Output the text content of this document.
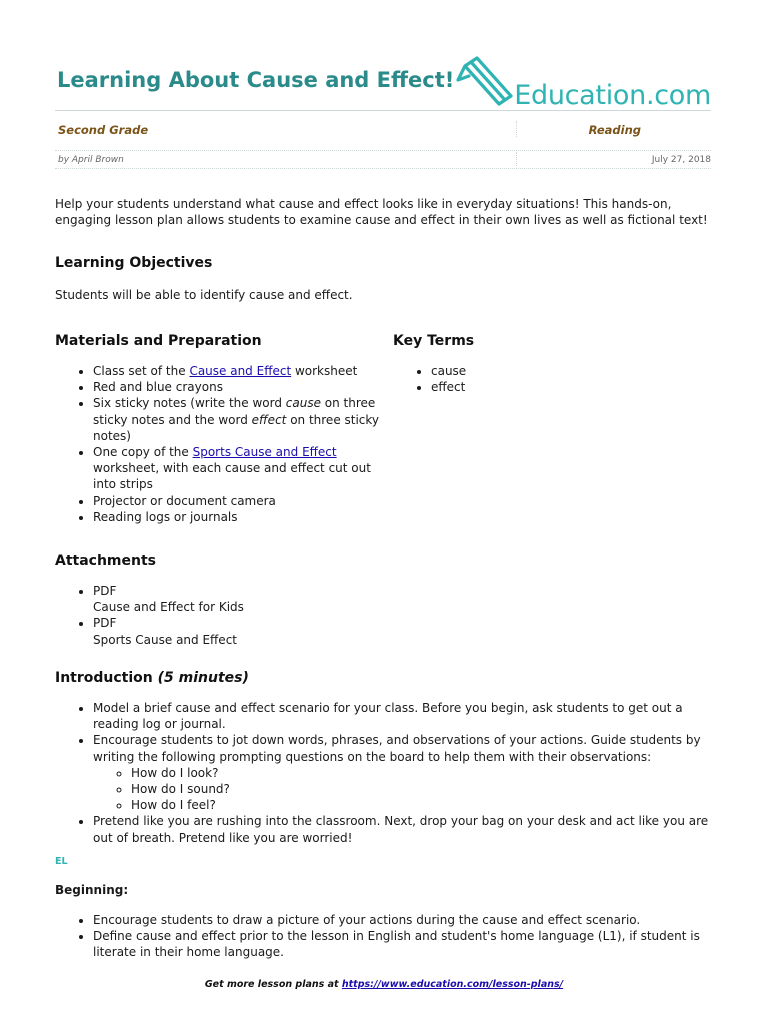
Learning About Cause and Effect! Education.com
Second Grade	Reading
by April Brown	July 27, 2018
Help your students understand what cause and effect looks like in everyday situations! This hands-on, engaging lesson plan allows students to examine cause and effect in their own lives as well as fictional text!
Learning Objectives
Students will be able to identify cause and effect.
Materials and Preparation
• Class set of the Cause and Effect worksheet
• Red and blue crayons
• Six sticky notes (write the word cause on three sticky notes and the word effect on three sticky notes)
• One copy of the Sports Cause and Effect worksheet, with each cause and effect cut out into strips
• Projector or document camera
• Reading logs or journals
Key Terms
• cause
• effect
Attachments
• PDF
Cause and Effect for Kids
• PDF
Sports Cause and Effect
Introduction (5 minutes)
• Model a brief cause and effect scenario for your class. Before you begin, ask students to get out a reading log or journal.
• Encourage students to jot down words, phrases, and observations of your actions. Guide students by writing the following prompting questions on the board to help them with their observations:
◦ How do I look?
◦ How do I sound?
◦ How do I feel?
• Pretend like you are rushing into the classroom. Next, drop your bag on your desk and act like you are out of breath. Pretend like you are worried!
EL
Beginning:
• Encourage students to draw a picture of your actions during the cause and effect scenario.
• Define cause and effect prior to the lesson in English and student's home language (L1), if student is literate in their home language.
Get more lesson plans at https://www.education.com/lesson-plans/
